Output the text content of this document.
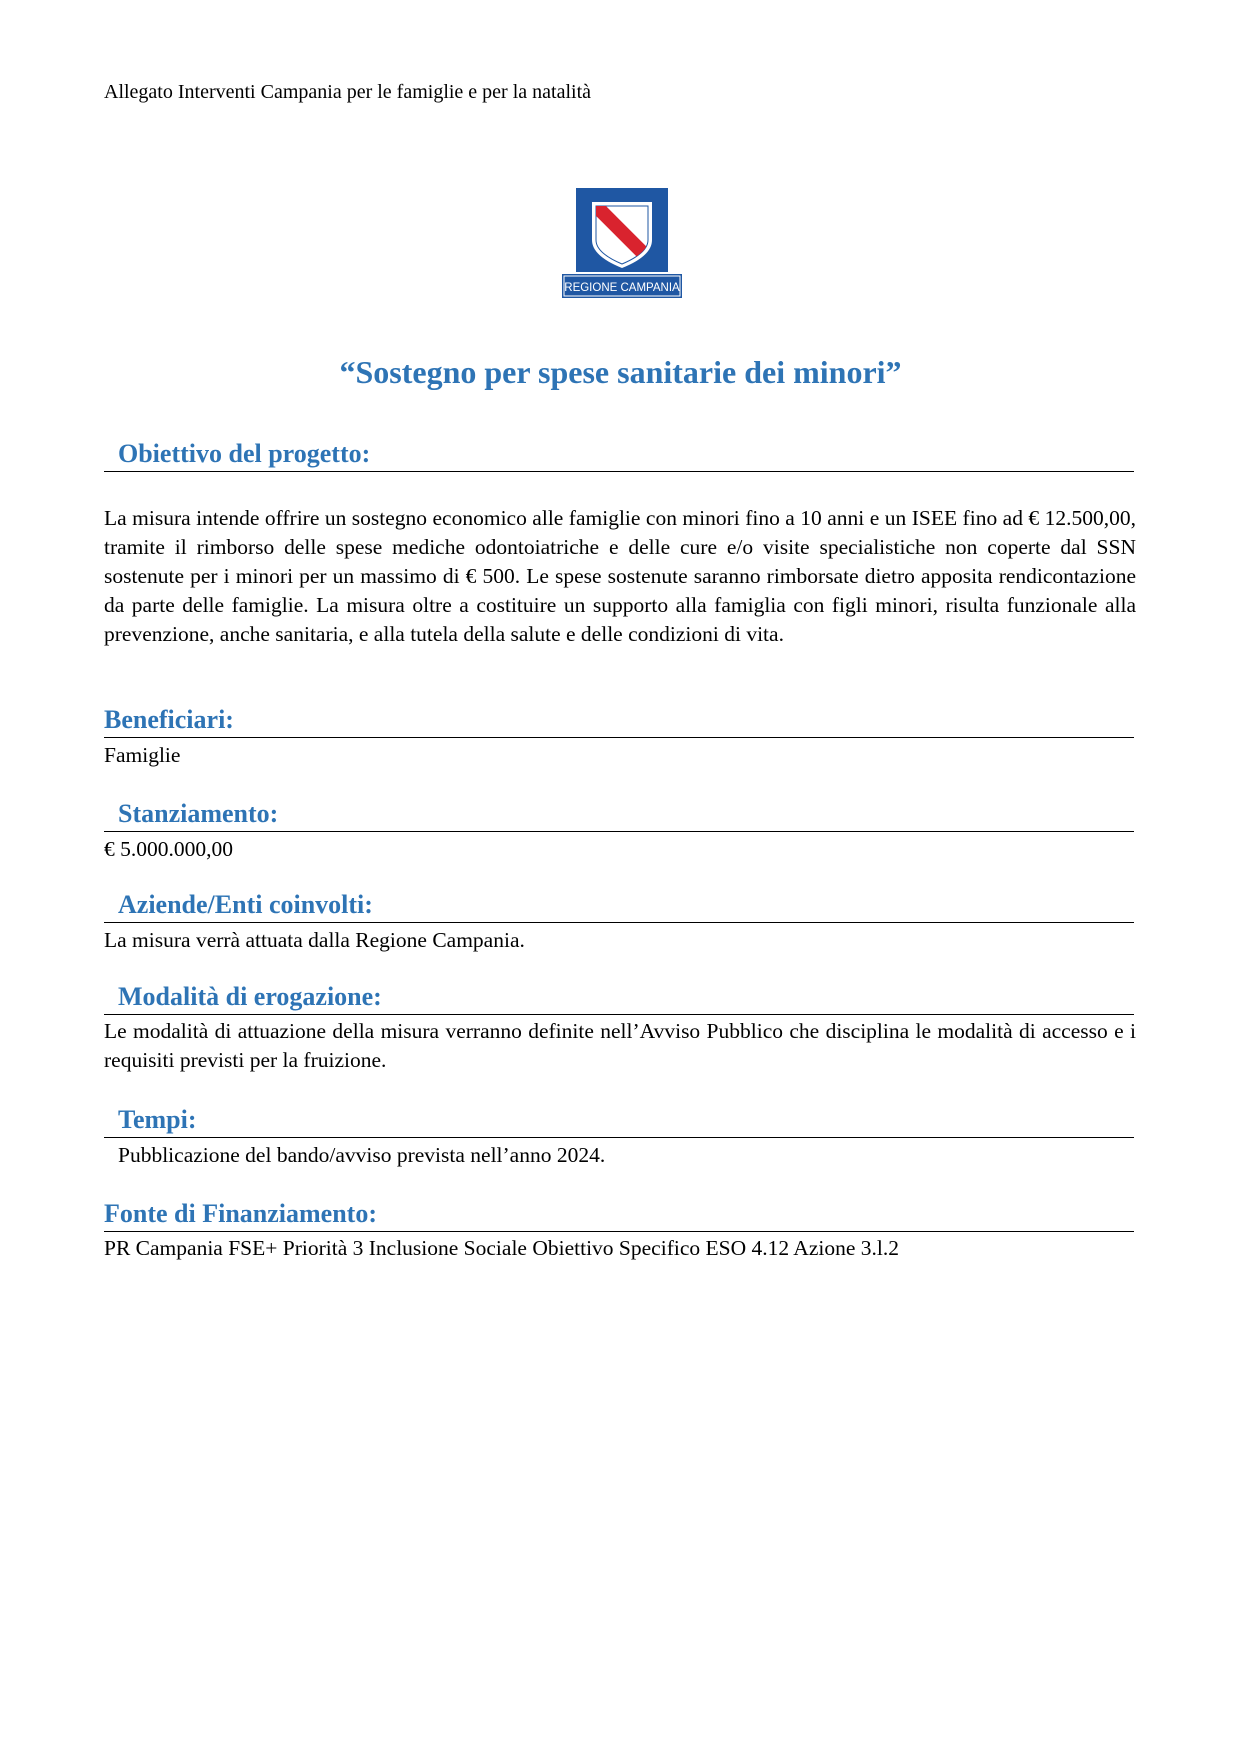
Allegato Interventi Campania per le famiglie e per la natalità
REGIONE CAMPANIA
“Sostegno per spese sanitarie dei minori”
Obiettivo del progetto:
La misura intende offrire un sostegno economico alle famiglie con minori fino a 10 anni e un ISEE fino ad € 12.500,00, tramite il rimborso delle spese mediche odontoiatriche e delle cure e/o visite specialistiche non coperte dal SSN sostenute per i minori per un massimo di € 500. Le spese sostenute saranno rimborsate dietro apposita rendicontazione da parte delle famiglie. La misura oltre a costituire un supporto alla famiglia con figli minori, risulta funzionale alla prevenzione, anche sanitaria, e alla tutela della salute e delle condizioni di vita.
Beneficiari:
Famiglie
Stanziamento:
€ 5.000.000,00
Aziende/Enti coinvolti:
La misura verrà attuata dalla Regione Campania.
Modalità di erogazione:
Le modalità di attuazione della misura verranno definite nell’Avviso Pubblico che disciplina le modalità di accesso e i requisiti previsti per la fruizione.
Tempi:
Pubblicazione del bando/avviso prevista nell’anno 2024.
Fonte di Finanziamento:
PR Campania FSE+ Priorità 3 Inclusione Sociale Obiettivo Specifico ESO 4.12 Azione 3.l.2
